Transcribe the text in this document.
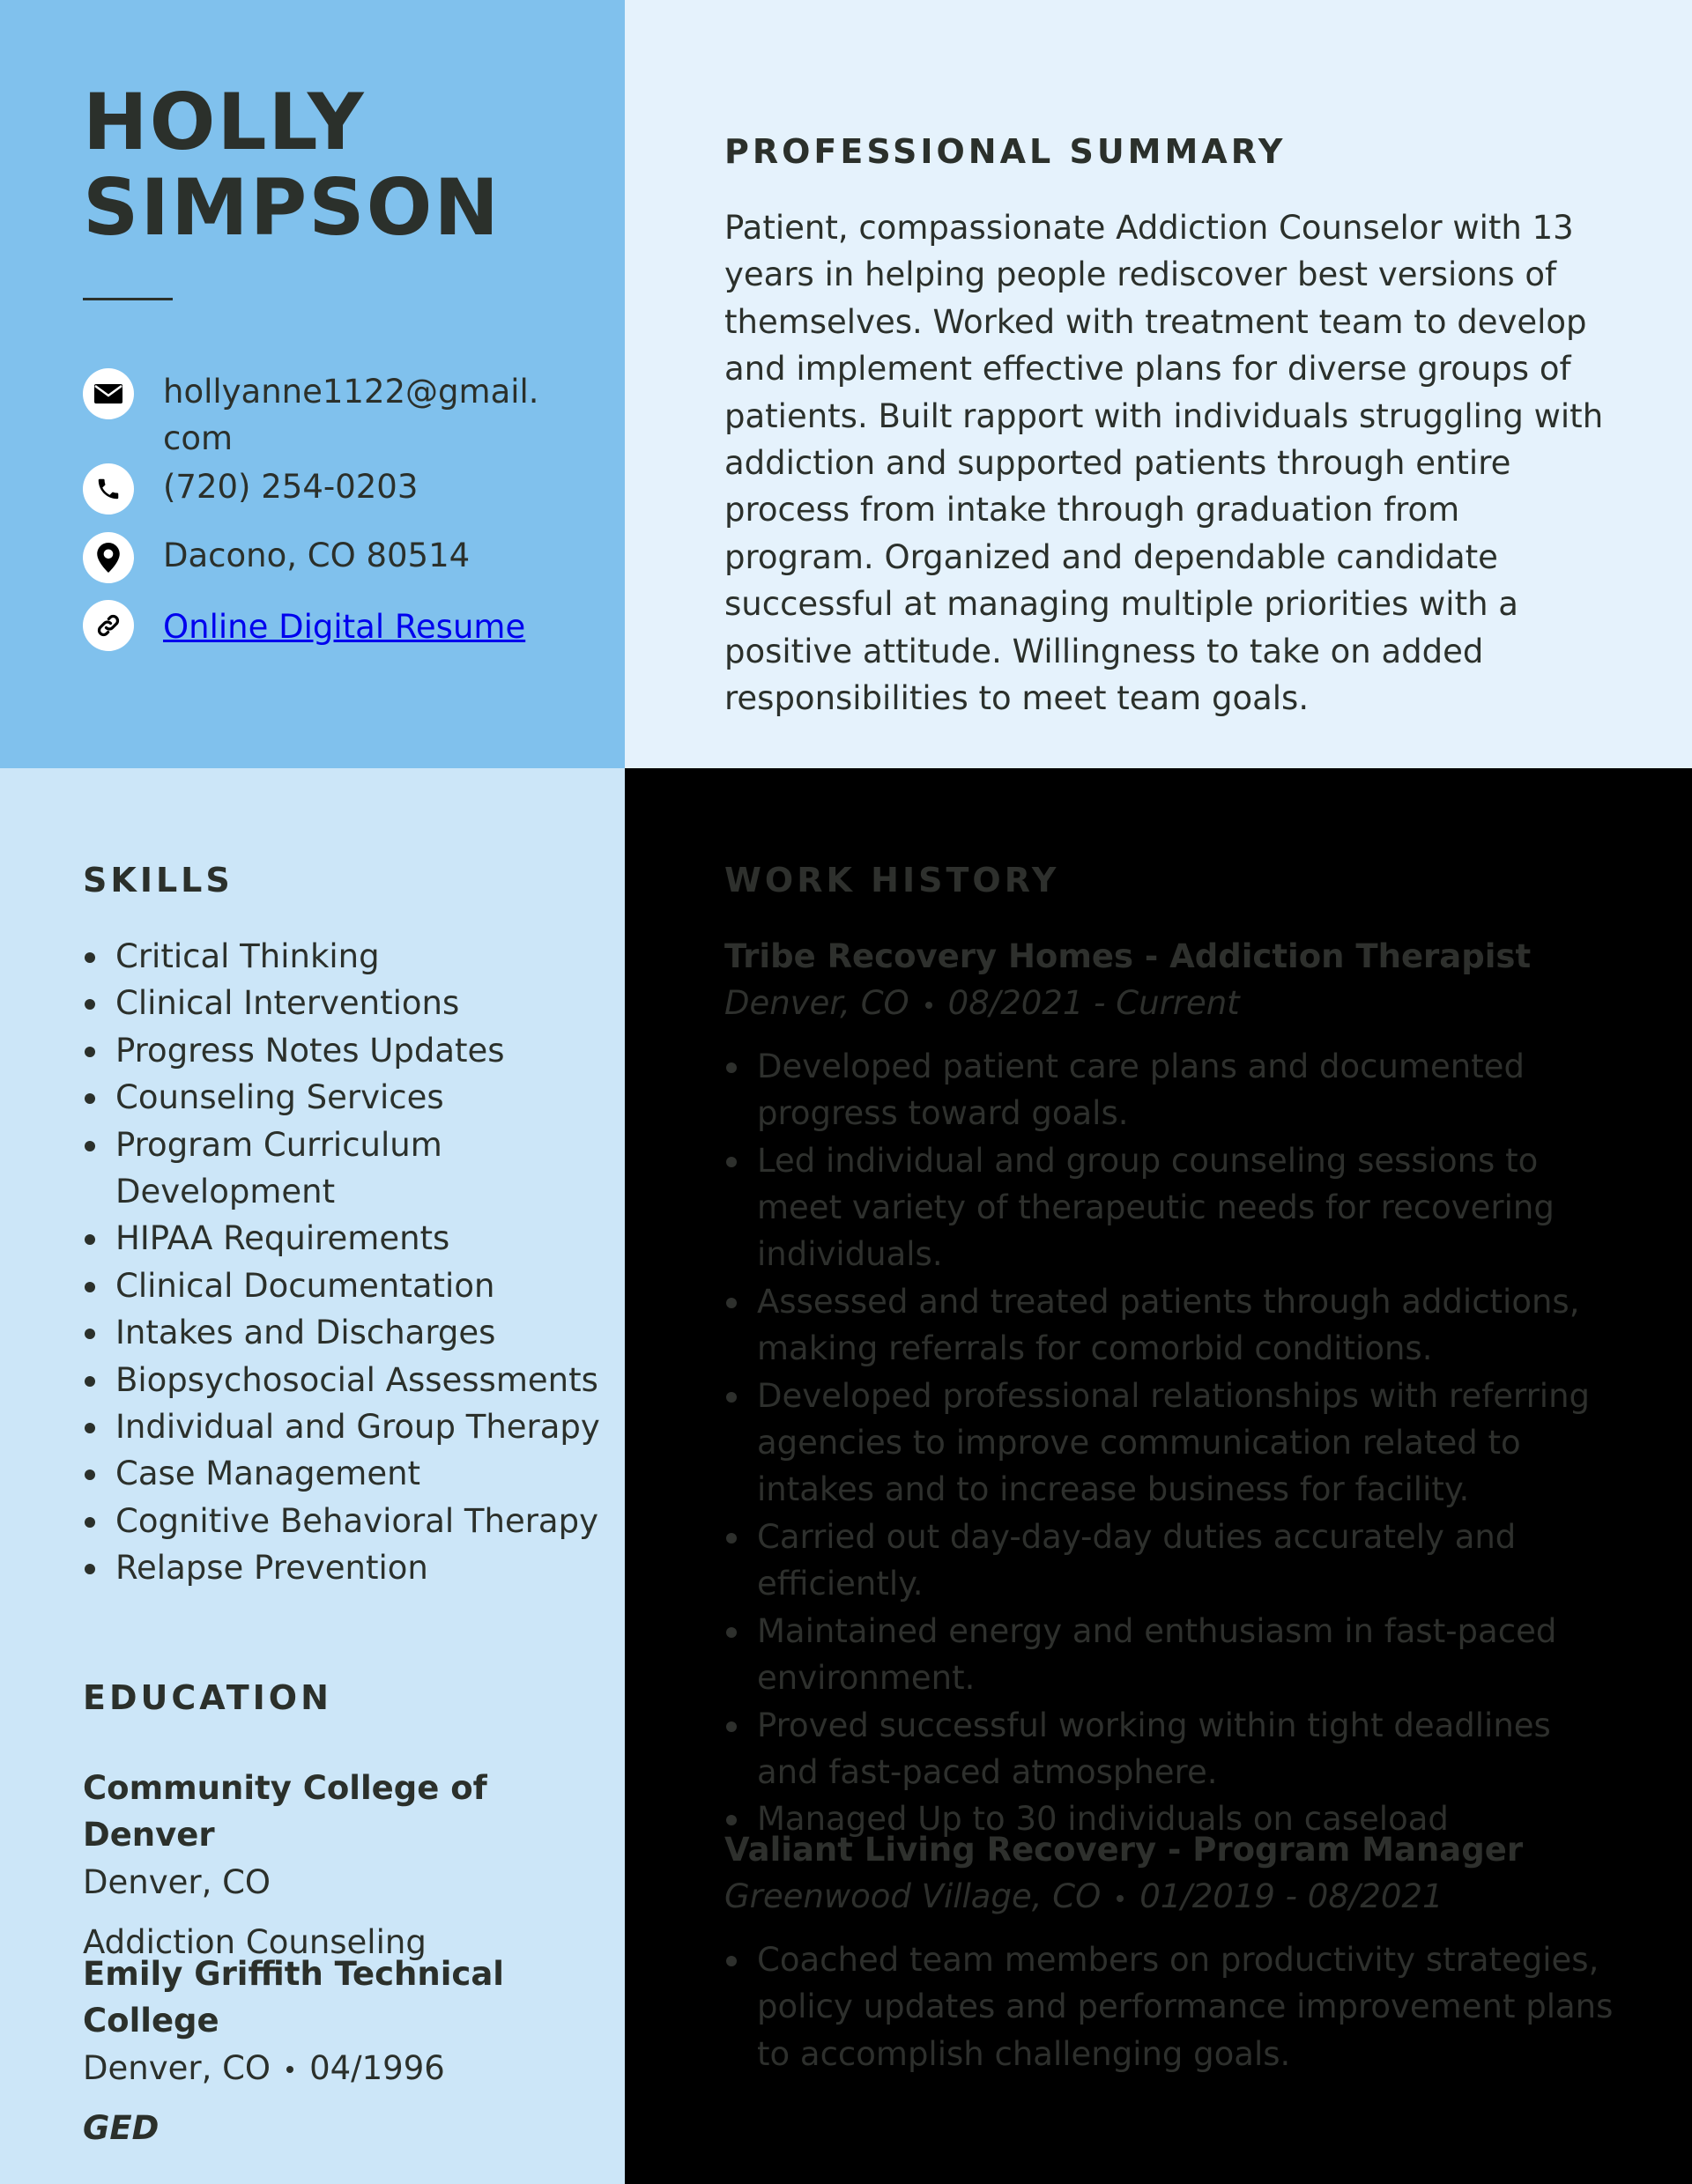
HOLLY
SIMPSON
hollyanne1122@gmail.com
(720) 254-0203
Dacono, CO 80514
Online Digital Resume
PROFESSIONAL SUMMARY
Patient, compassionate Addiction Counselor with 13 years in helping people rediscover best versions of themselves. Worked with treatment team to develop and implement effective plans for diverse groups of patients. Built rapport with individuals struggling with addiction and supported patients through entire process from intake through graduation from program. Organized and dependable candidate successful at managing multiple priorities with a positive attitude. Willingness to take on added responsibilities to meet team goals.
SKILLS
Critical Thinking
Clinical Interventions
Progress Notes Updates
Counseling Services
Program Curriculum Development
HIPAA Requirements
Clinical Documentation
Intakes and Discharges
Biopsychosocial Assessments
Individual and Group Therapy
Case Management
Cognitive Behavioral Therapy
Relapse Prevention
EDUCATION
Community College of Denver
Denver, CO
Addiction Counseling
Emily Griffith Technical College
Denver, CO 04/1996
GED
WORK HISTORY
Tribe Recovery Homes - Addiction Therapist
Denver, CO 08/2021 - Current
Developed patient care plans and documented progress toward goals.
Led individual and group counseling sessions to meet variety of therapeutic needs for recovering individuals.
Assessed and treated patients through addictions, making referrals for comorbid conditions.
Developed professional relationships with referring agencies to improve communication related to intakes and to increase business for facility.
Carried out day-day-day duties accurately and efficiently.
Maintained energy and enthusiasm in fast-paced environment.
Proved successful working within tight deadlines and fast-paced atmosphere.
Managed Up to 30 individuals on caseload
Valiant Living Recovery - Program Manager
Greenwood Village, CO 01/2019 - 08/2021
Coached team members on productivity strategies, policy updates and performance improvement plans to accomplish challenging goals.
